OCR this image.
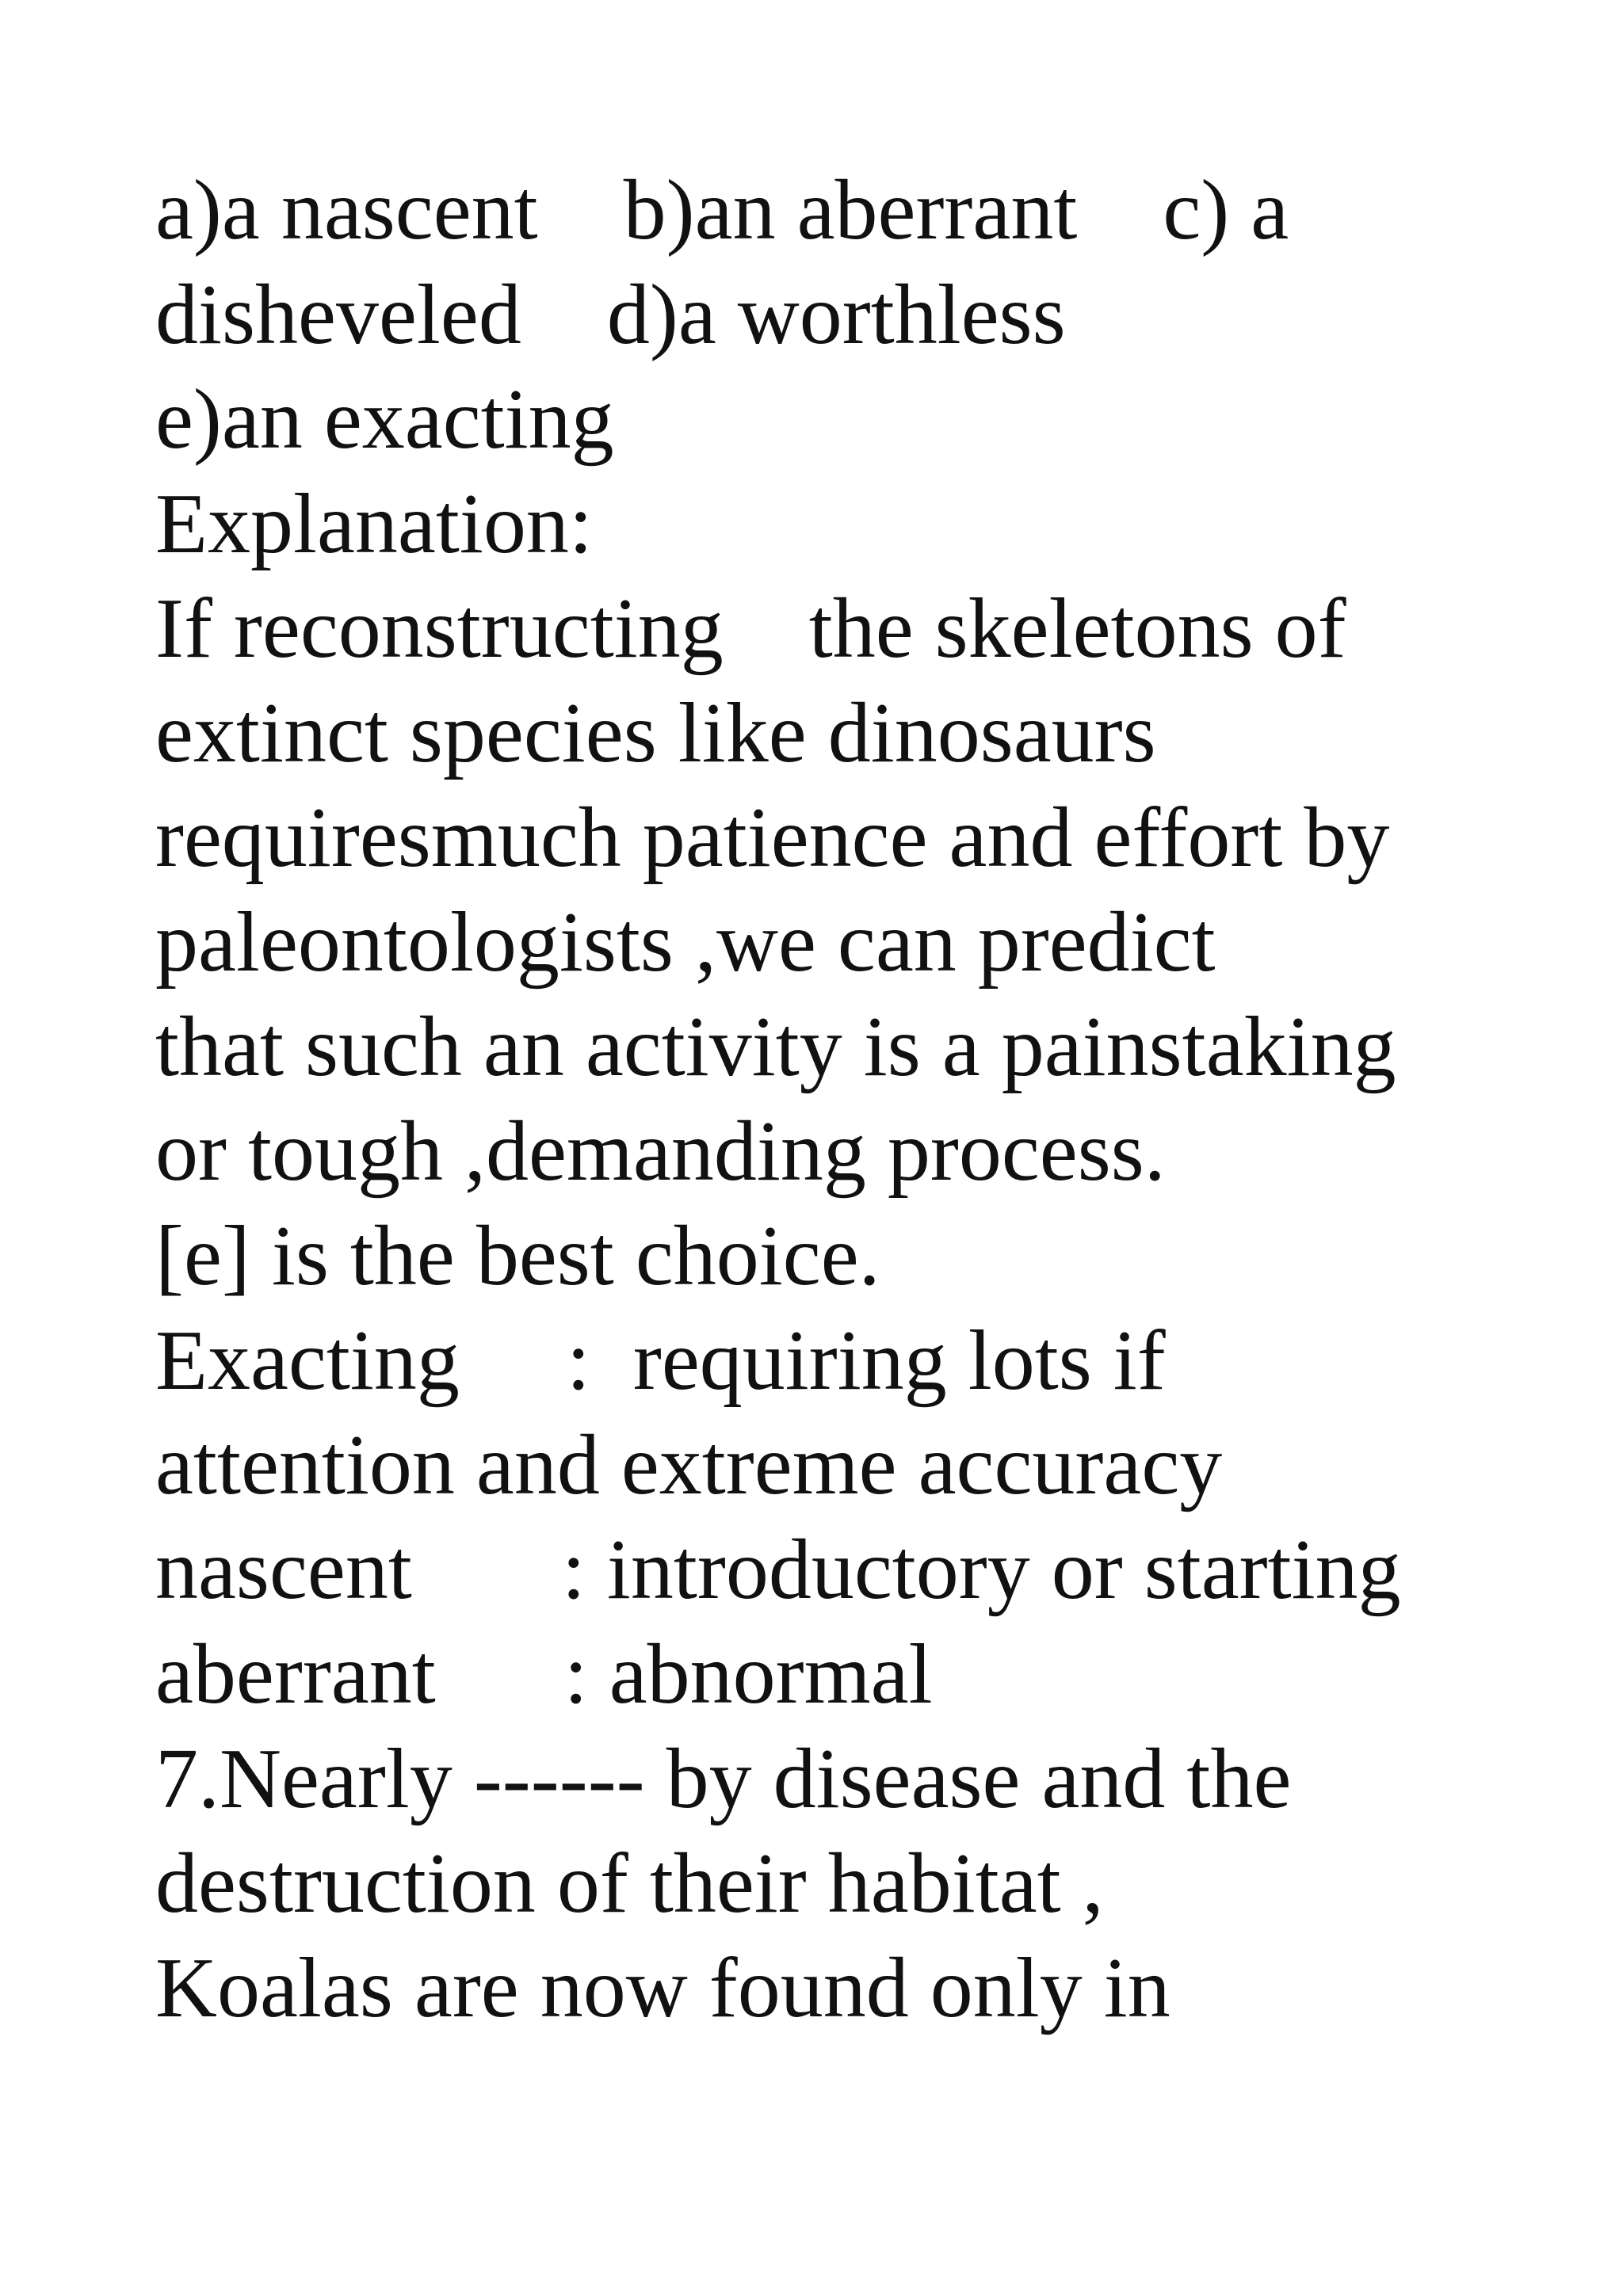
a)a nascent    b)an aberrant    c) a
disheveled    d)a worthless
e)an exacting
Explanation:
If reconstructing    the skeletons of
extinct species like dinosaurs
requiresmuch patience and effort by
paleontologists ,we can predict
that such an activity is a painstaking
or tough ,demanding process.
[e] is the best choice.
Exacting     :  requiring lots if
attention and extreme accuracy
nascent       : introductory or starting
aberrant      : abnormal
7.Nearly ------ by disease and the
destruction of their habitat ,
Koalas are now found only in
